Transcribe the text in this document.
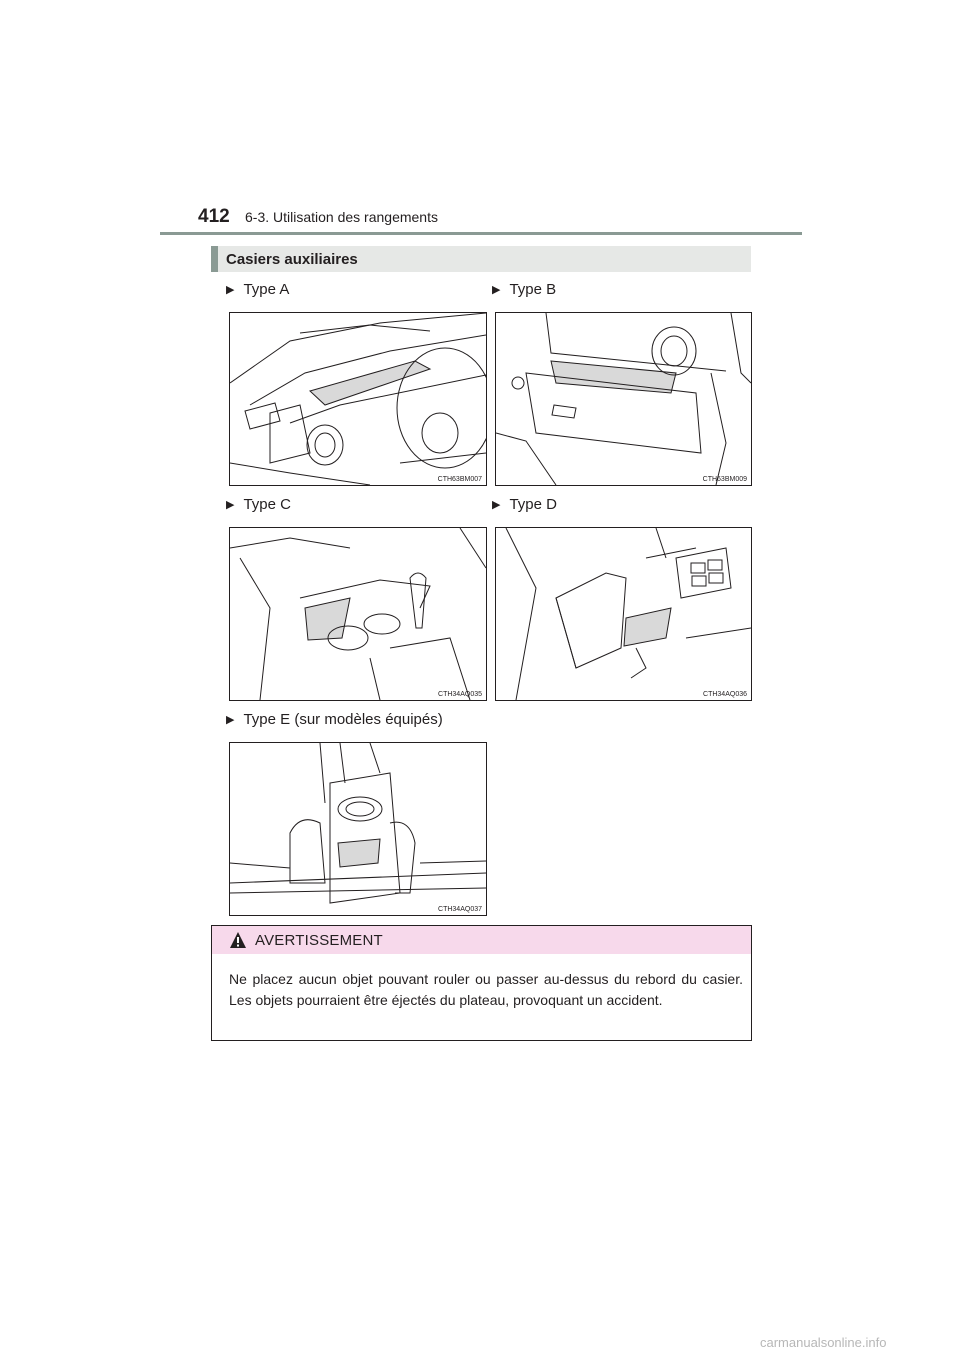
412 6-3. Utilisation des rangements
Casiers auxiliaires
▶ Type A
CTH63BM007
▶ Type B
CTH63BM009
▶ Type C
CTH34AQ035
▶ Type D
CTH34AQ036
▶ Type E (sur modèles équipés)
CTH34AQ037
AVERTISSEMENT
Ne placez aucun objet pouvant rouler ou passer au-dessus du rebord du casier. Les objets pourraient être éjectés du plateau, provoquant un accident.
carmanualsonline.info
